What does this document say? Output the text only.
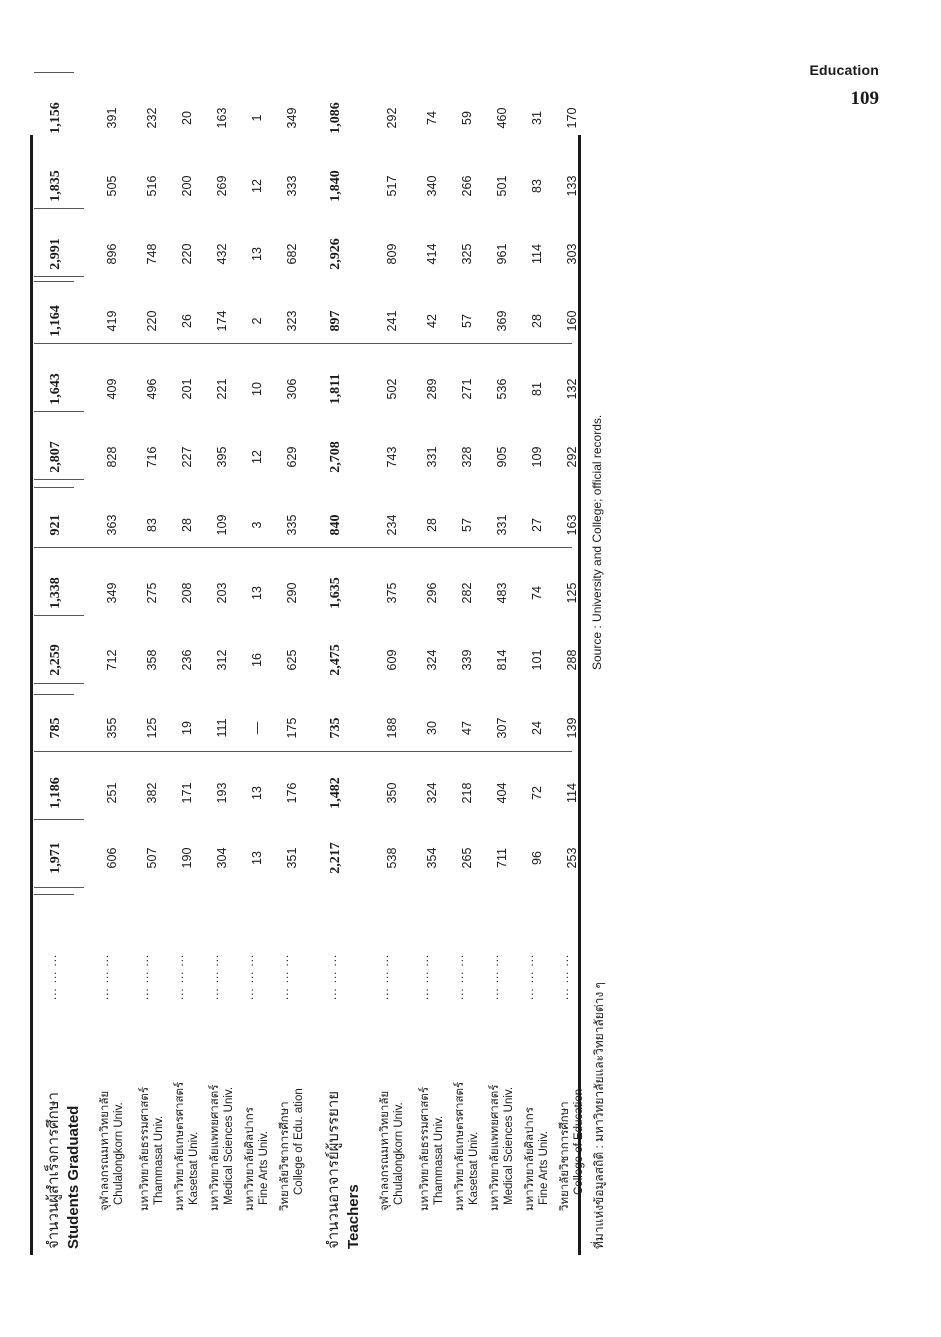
Education
109
จำนวนผู้สำเร็จการศึกษา Students Graduated
... ... ...
1,971
1,186
785
2,259
1,338
921
2,807
1,643
1,164
2,991
1,835
1,156
จุฬาลงกรณมหาวิทยาลัย Chulalongkorn Univ.
... ... ...
606
251
355
712
349
363
828
409
419
896
505
391
มหาวิทยาลัยธรรมศาสตร์ Thammasat Univ.
... ... ...
507
382
125
358
275
83
716
496
220
748
516
232
มหาวิทยาลัยเกษตรศาสตร์ Kasetsat Univ.
... ... ...
190
171
19
236
208
28
227
201
26
220
200
20
มหาวิทยาลัยแพทยศาสตร์ Medical Sciences Univ.
... ... ...
304
193
111
312
203
109
395
221
174
432
269
163
มหาวิทยาลัยศิลปากร Fine Arts Univ.
... ... ...
13
13
—
16
13
3
12
10
2
13
12
1
วิทยาลัยวิชาการศึกษา College of Edu. ation
... ... ...
351
176
175
625
290
335
629
306
323
682
333
349
จำนวนอาจารย์ผู้บรรยาย Teachers
... ... ...
2,217
1,482
735
2,475
1,635
840
2,708
1,811
897
2,926
1,840
1,086
จุฬาลงกรณมหาวิทยาลัย Chulalongkorn Univ.
... ... ...
538
350
188
609
375
234
743
502
241
809
517
292
มหาวิทยาลัยธรรมศาสตร์ Thammasat Univ.
... ... ...
354
324
30
324
296
28
331
289
42
414
340
74
มหาวิทยาลัยเกษตรศาสตร์ Kasetsat Univ.
... ... ...
265
218
47
339
282
57
328
271
57
325
266
59
มหาวิทยาลัยแพทยศาสตร์ Medical Sciences Univ.
... ... ...
711
404
307
814
483
331
905
536
369
961
501
460
มหาวิทยาลัยศิลปากร Fine Arts Univ.
... ... ...
96
72
24
101
74
27
109
81
28
114
83
31
วิทยาลัยวิชาการศึกษา College of Education
... ... ...
253
114
139
288
125
163
292
132
160
303
133
170
ที่มาแห่งข้อมูลสถิติ : มหาวิทยาลัยและวิทยาลัยต่าง ๆ
Source : University and College; official records.
